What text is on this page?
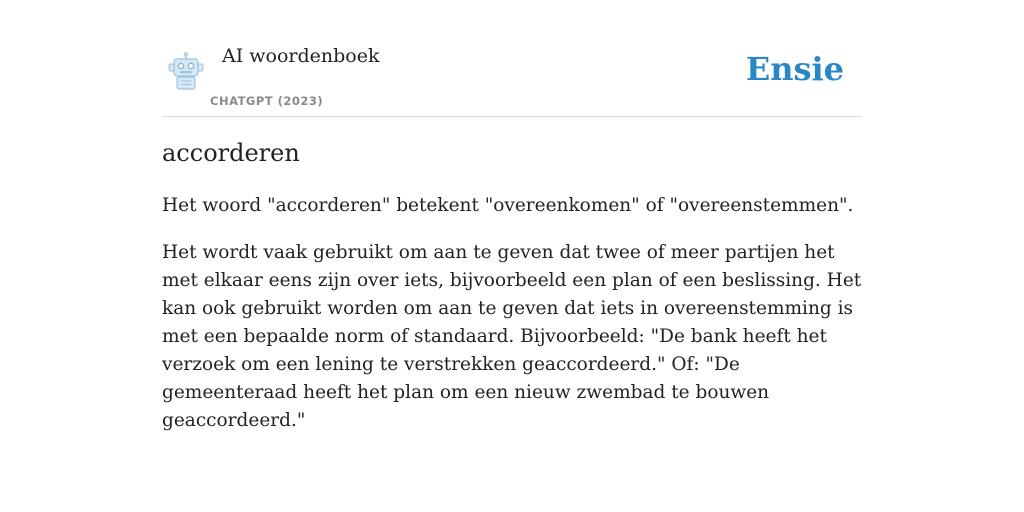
AI woordenboek
CHATGPT (2023)
Ensie
accorderen

Het woord "accorderen" betekent "overeenkomen" of "overeenstemmen".

Het wordt vaak gebruikt om aan te geven dat twee of meer partijen het met elkaar eens zijn over iets, bijvoorbeeld een plan of een beslissing. Het kan ook gebruikt worden om aan te geven dat iets in overeenstemming is met een bepaalde norm of standaard. Bijvoorbeeld: "De bank heeft het verzoek om een lening te verstrekken geaccordeerd." Of: "De gemeenteraad heeft het plan om een nieuw zwembad te bouwen geaccordeerd."
